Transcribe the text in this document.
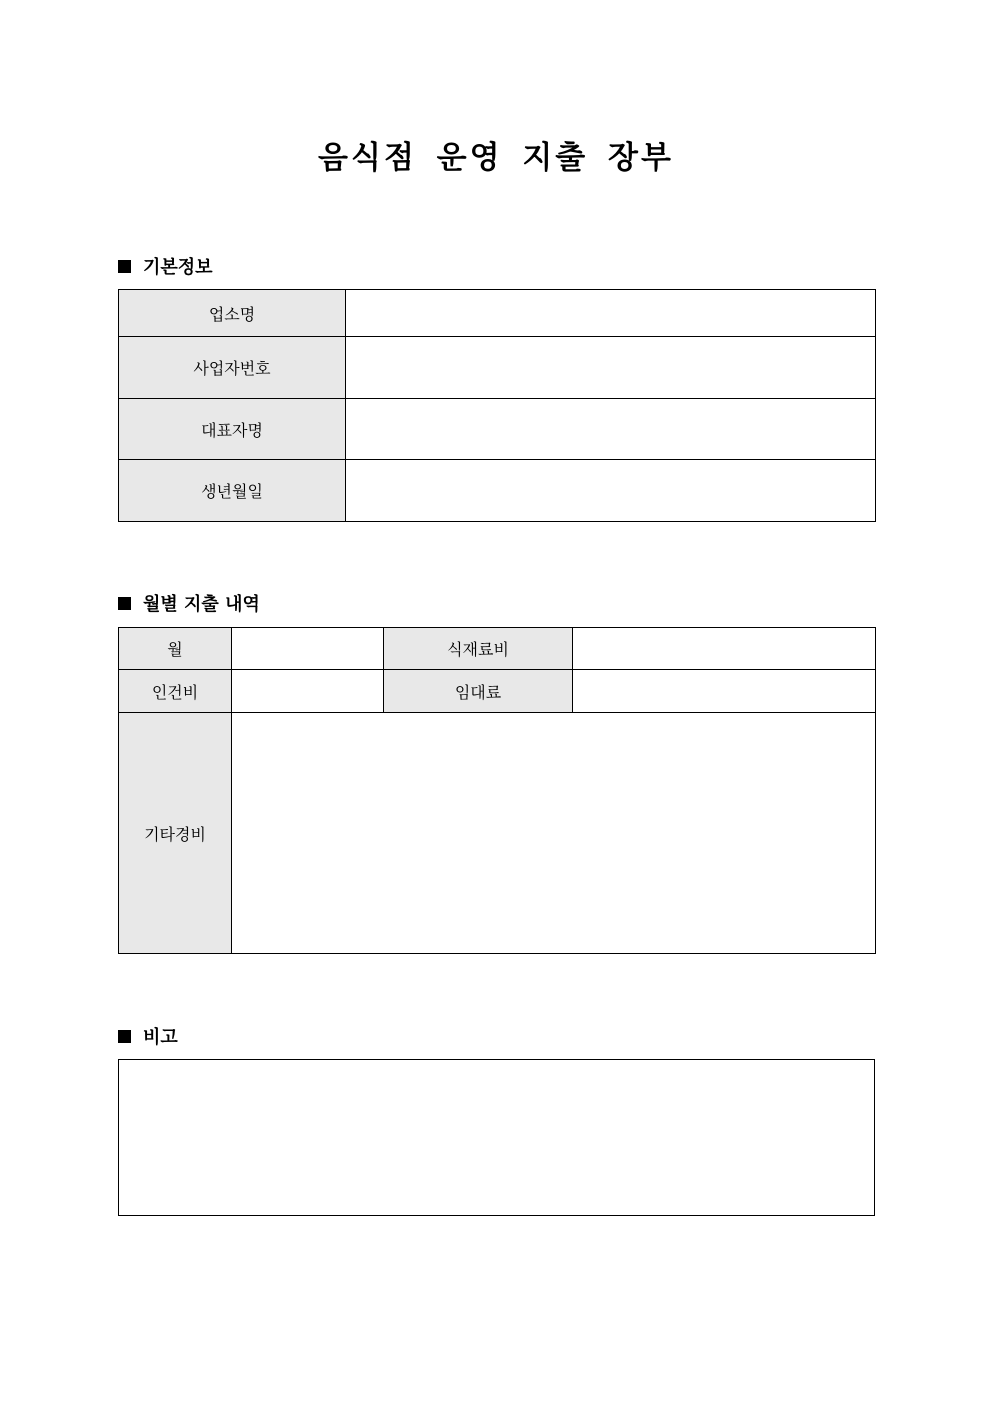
음식점 운영 지출 장부
기본정보
업소명	
사업자번호	
대표자명	
생년월일	
월별 지출 내역
월		식재료비	
인건비		임대료	
기타경비			
비고
